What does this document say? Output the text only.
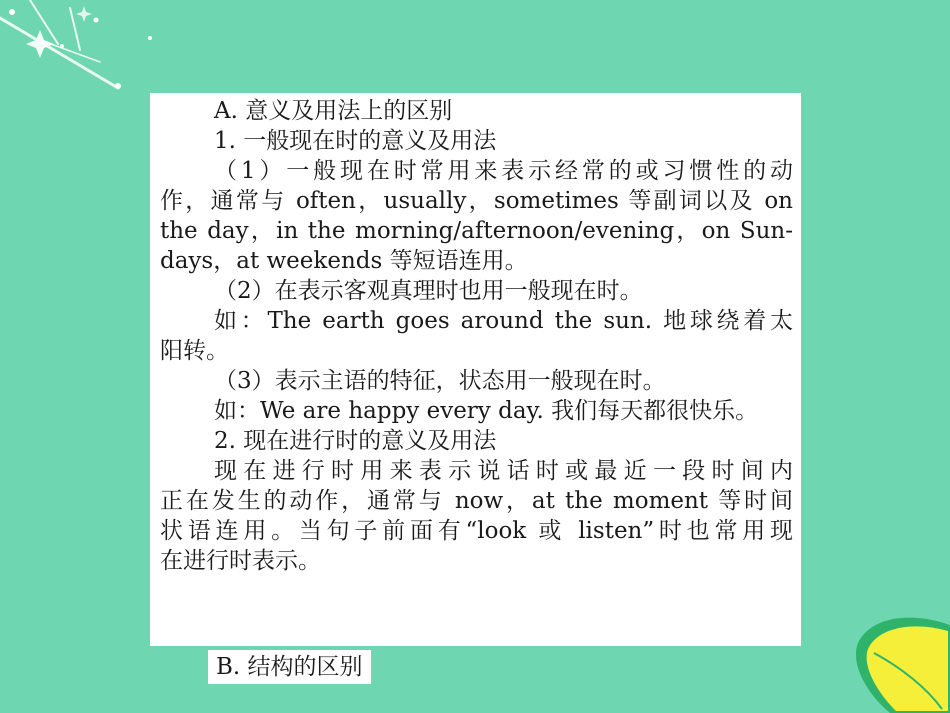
A. 意义及用法上的区别
1. 一般现在时的意义及用法
（1）一般现在时常用来表示经常的或习惯性的动
作，通常与 often，usually，sometimes 等副词以及 on
the day，in the morning/afternoon/evening，on Sun-
days，at weekends 等短语连用。
（2）在表示客观真理时也用一般现在时。
如：The earth goes around the sun. 地球绕着太
阳转。
（3）表示主语的特征，状态用一般现在时。
如：We are happy every day. 我们每天都很快乐。
2. 现在进行时的意义及用法
现在进行时用来表示说话时或最近一段时间内
正在发生的动作，通常与 now，at the moment 等时间
状语连用。当句子前面有“look 或 listen”时也常用现
在进行时表示。
B. 结构的区别
